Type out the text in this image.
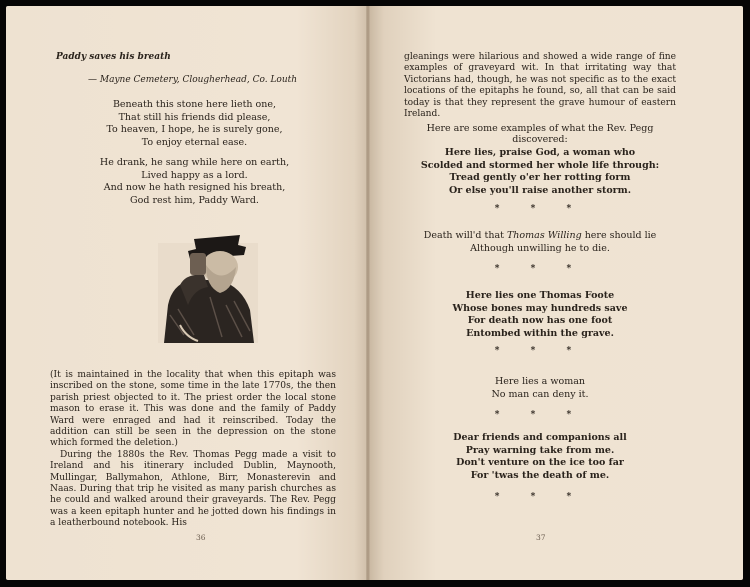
Paddy saves his breath
— Mayne Cemetery, Clougherhead, Co. Louth
Beneath this stone here lieth one,
That still his friends did please,
To heaven, I hope, he is surely gone,
To enjoy eternal ease.
He drank, he sang while here on earth,
Lived happy as a lord.
And now he hath resigned his breath,
God rest him, Paddy Ward.

(It is maintained in the locality that when this epitaph was inscribed on the stone, some time in the late 1770s, the then parish priest objected to it. The priest order the local stone mason to erase it. This was done and the family of Paddy Ward were enraged and had it reinscribed. Today the addition can still be seen in the depression on the stone which formed the deletion.)

During the 1880s the Rev. Thomas Pegg made a visit to Ireland and his itinerary included Dublin, Maynooth, Mullingar, Ballymahon, Athlone, Birr, Monasterevin and Naas. During that trip he visited as many parish churches as he could and walked around their graveyards. The Rev. Pegg was a keen epitaph hunter and he jotted down his findings in a leatherbound notebook. His

36

gleanings were hilarious and showed a wide range of fine examples of graveyard wit. In that irritating way that Victorians had, though, he was not specific as to the exact locations of the epitaphs he found, so, all that can be said today is that they represent the grave humour of eastern Ireland.

Here are some examples of what the Rev. Pegg discovered:
Here lies, praise God, a woman who
Scolded and stormed her whole life through:
Tread gently o'er her rotting form
Or else you'll raise another storm.
* * *
Death will'd that Thomas Willing here should lie
Although unwilling he to die.
* * *
Here lies one Thomas Foote
Whose bones may hundreds save
For death now has one foot
Entombed within the grave.
* * *
Here lies a woman
No man can deny it.
* * *
Dear friends and companions all
Pray warning take from me.
Don't venture on the ice too far
For 'twas the death of me.
* * *
37
